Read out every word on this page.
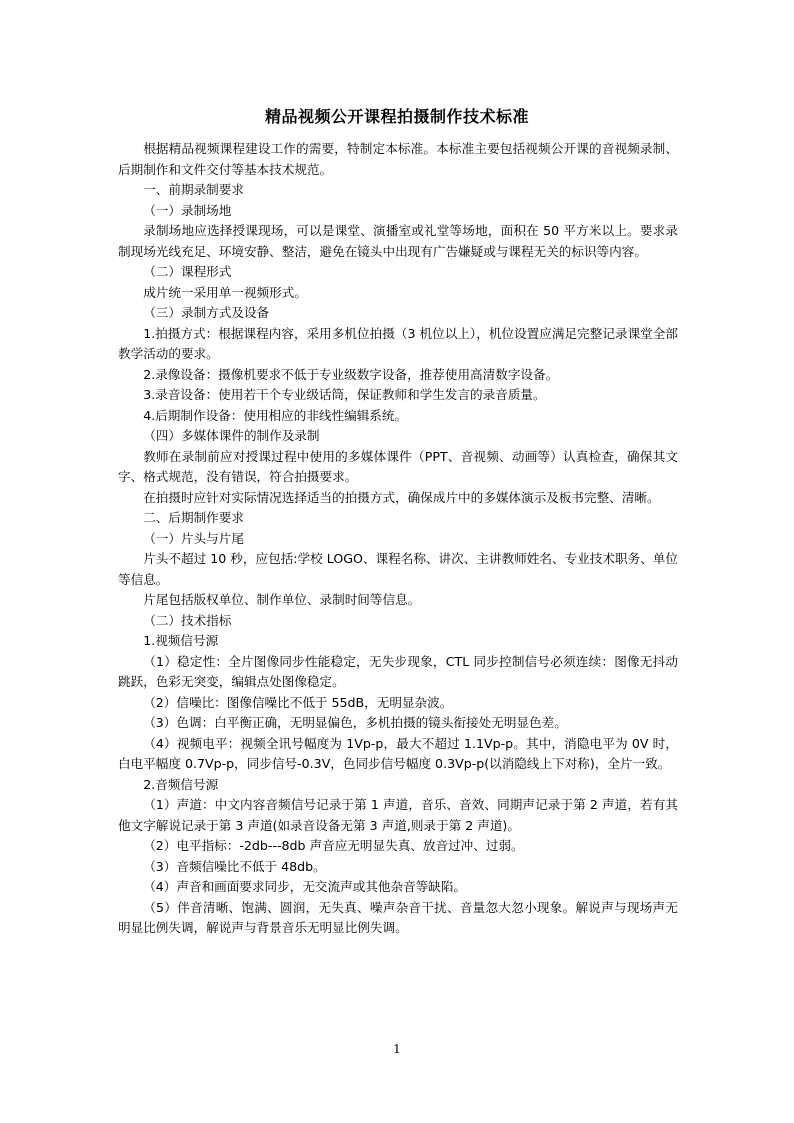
精品视频公开课程拍摄制作技术标准

根据精品视频课程建设工作的需要，特制定本标准。本标准主要包括视频公开课的音视频录制、后期制作和文件交付等基本技术规范。

一、前期录制要求

（一）录制场地

录制场地应选择授课现场，可以是课堂、演播室或礼堂等场地，面积在 50 平方米以上。要求录制现场光线充足、环境安静、整洁，避免在镜头中出现有广告嫌疑或与课程无关的标识等内容。

（二）课程形式

成片统一采用单一视频形式。

（三）录制方式及设备

1.拍摄方式：根据课程内容，采用多机位拍摄（3 机位以上），机位设置应满足完整记录课堂全部教学活动的要求。

2.录像设备：摄像机要求不低于专业级数字设备，推荐使用高清数字设备。

3.录音设备：使用若干个专业级话筒，保证教师和学生发言的录音质量。

4.后期制作设备：使用相应的非线性编辑系统。

（四）多媒体课件的制作及录制

教师在录制前应对授课过程中使用的多媒体课件（PPT、音视频、动画等）认真检查，确保其文字、格式规范，没有错误，符合拍摄要求。

在拍摄时应针对实际情况选择适当的拍摄方式，确保成片中的多媒体演示及板书完整、清晰。

二、后期制作要求

（一）片头与片尾

片头不超过 10 秒，应包括:学校 LOGO、课程名称、讲次、主讲教师姓名、专业技术职务、单位等信息。

片尾包括版权单位、制作单位、录制时间等信息。

（二）技术指标

1.视频信号源

（1）稳定性：全片图像同步性能稳定，无失步现象，CTL 同步控制信号必须连续：图像无抖动跳跃，色彩无突变，编辑点处图像稳定。

（2）信噪比：图像信噪比不低于 55dB，无明显杂波。

（3）色调：白平衡正确，无明显偏色，多机拍摄的镜头衔接处无明显色差。

（4）视频电平：视频全讯号幅度为 1Vp-p，最大不超过 1.1Vp-p。其中，消隐电平为 0V 时，白电平幅度 0.7Vp-p，同步信号-0.3V，色同步信号幅度 0.3Vp-p(以消隐线上下对称)，全片一致。

2.音频信号源

（1）声道：中文内容音频信号记录于第 1 声道，音乐、音效、同期声记录于第 2 声道，若有其他文字解说记录于第 3 声道(如录音设备无第 3 声道,则录于第 2 声道)。

（2）电平指标：-2db---8db 声音应无明显失真、放音过冲、过弱。

（3）音频信噪比不低于 48db。

（4）声音和画面要求同步，无交流声或其他杂音等缺陷。

（5）伴音清晰、饱满、圆润，无失真、噪声杂音干扰、音量忽大忽小现象。解说声与现场声无明显比例失调，解说声与背景音乐无明显比例失调。

1
